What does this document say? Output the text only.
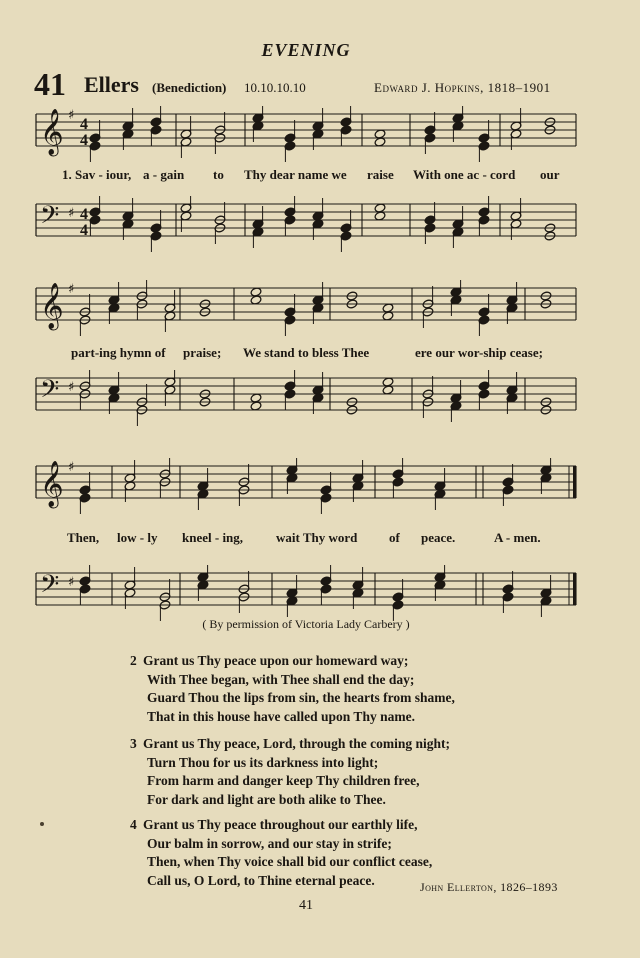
EVENING
41 Ellers (Benediction) 10.10.10.10	Edward J. Hopkins, 1818–1901
𝄞 ♯
4
4
1. Sav - iour, a - gain to Thy dear name we raise With one ac - cord our
𝄢 ♯ 4
4
𝄞 ♯
part-ing hymn of praise; We stand to bless Thee	ere our wor-ship cease;
𝄢 ♯
𝄞 ♯
Then, low - ly kneel - ing,	wait Thy word of peace.	A - men.
𝄢 ♯
( By permission of Victoria Lady Carbery )
2 Grant us Thy peace upon our homeward way;
With Thee began, with Thee shall end the day;
Guard Thou the lips from sin, the hearts from shame,
That in this house have called upon Thy name.
3 Grant us Thy peace, Lord, through the coming night;
Turn Thou for us its darkness into light;
From harm and danger keep Thy children free,
For dark and light are both alike to Thee.
4 Grant us Thy peace throughout our earthly life,
Our balm in sorrow, and our stay in strife;
Then, when Thy voice shall bid our conflict cease,
Call us, O Lord, to Thine eternal peace.	John Ellerton, 1826–1893
41
